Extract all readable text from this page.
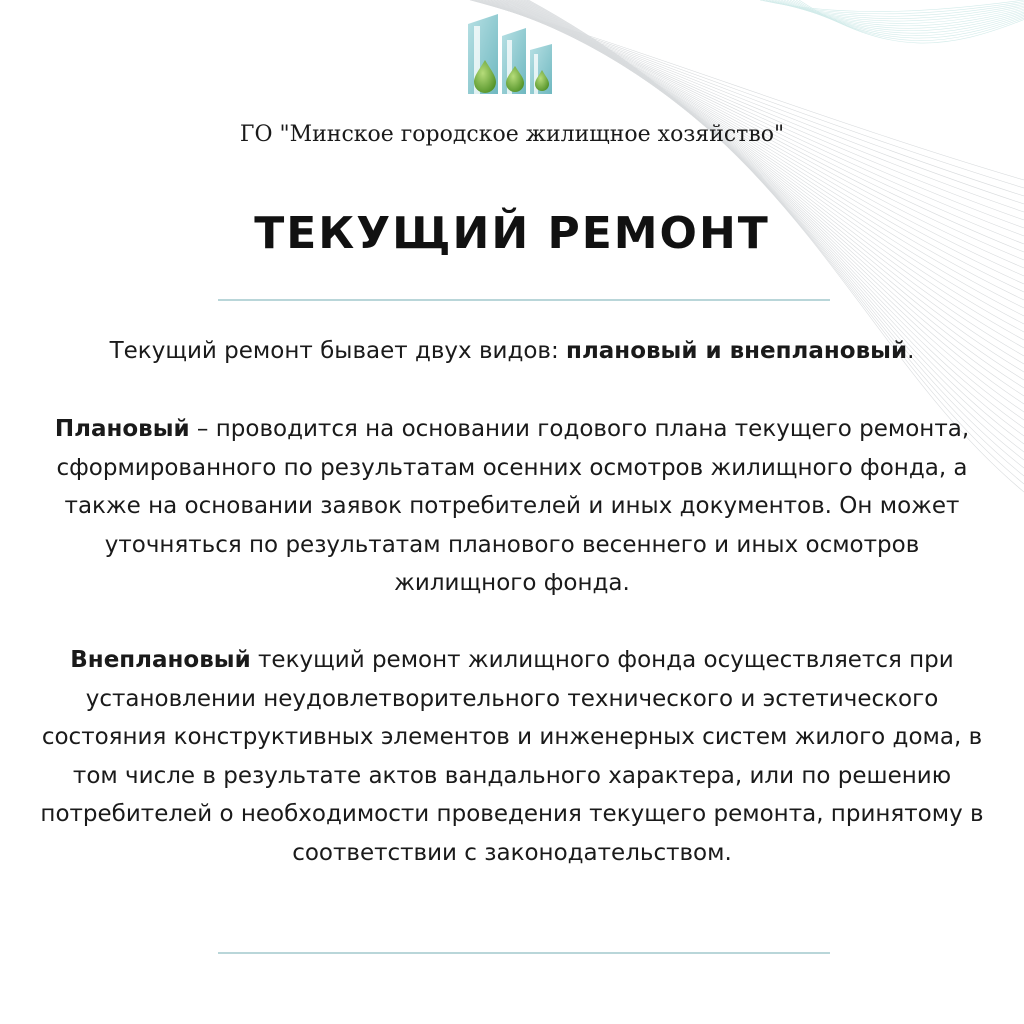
ГО "Минское городское жилищное хозяйство"
ТЕКУЩИЙ РЕМОНТ

Текущий ремонт бывает двух видов: плановый и внеплановый.

Плановый – проводится на основании годового плана текущего ремонта, сформированного по результатам осенних осмотров жилищного фонда, а также на основании заявок потребителей и иных документов. Он может уточняться по результатам планового весеннего и иных осмотров жилищного фонда.

Внеплановый текущий ремонт жилищного фонда осуществляется при установлении неудовлетворительного технического и эстетического состояния конструктивных элементов и инженерных систем жилого дома, в том числе в результате актов вандального характера, или по решению потребителей о необходимости проведения текущего ремонта, принятому в соответствии с законодательством.
